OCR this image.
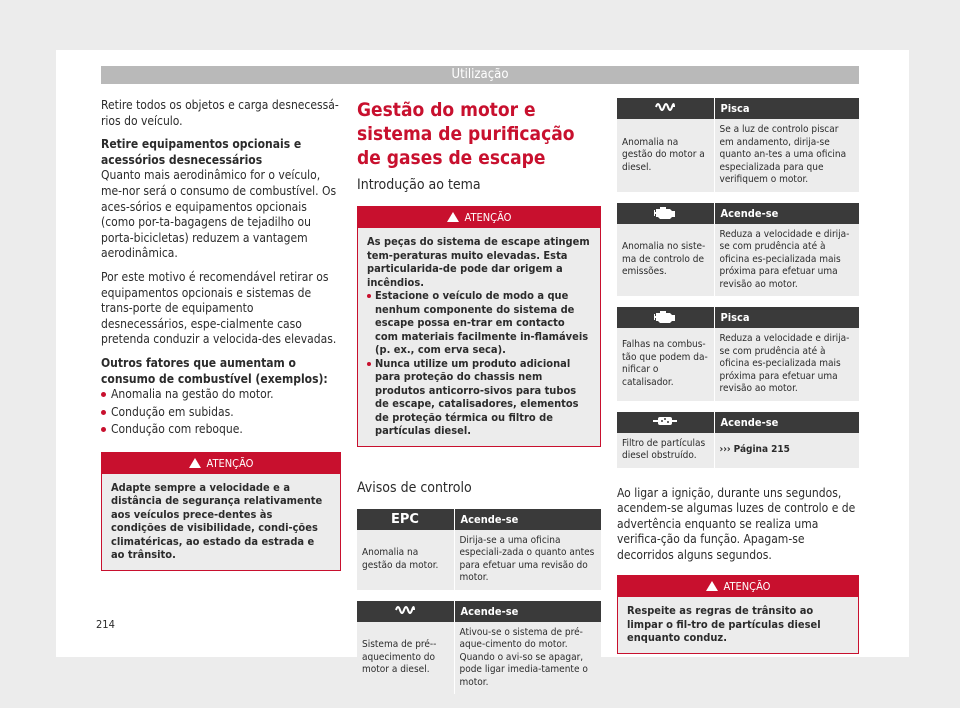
Utilização
Retire todos os objetos e carga desnecessá-rios do veículo.
Retire equipamentos opcionais e acessórios desnecessários
Quanto mais aerodinâmico for o veículo, me-nor será o consumo de combustível. Os aces-sórios e equipamentos opcionais (como por-ta-bagagens de tejadilho ou porta-bicicletas) reduzem a vantagem aerodinâmica.
Por este motivo é recomendável retirar os equipamentos opcionais e sistemas de trans-porte de equipamento desnecessários, espe-cialmente caso pretenda conduzir a velocida-des elevadas.
Outros fatores que aumentam o consumo de combustível (exemplos):
Anomalia na gestão do motor.
Condução em subidas.
Condução com reboque.
ATENÇÃO
Adapte sempre a velocidade e a distância de segurança relativamente aos veículos prece-dentes às condições de visibilidade, condi-ções climatéricas, ao estado da estrada e ao trânsito.
Gestão do motor e sistema de purificação de gases de escape
Introdução ao tema
ATENÇÃO
As peças do sistema de escape atingem tem-peraturas muito elevadas. Esta particularida-de pode dar origem a incêndios.
Estacione o veículo de modo a que nenhum componente do sistema de escape possa en-trar em contacto com materiais facilmente in-flamáveis (p. ex., com erva seca).
Nunca utilize um produto adicional para proteção do chassis nem produtos anticorro-sivos para tubos de escape, catalisadores, elementos de proteção térmica ou filtro de partículas diesel.
Avisos de controlo
EPC	Acende-se
Anomalia na gestão da motor.	Dirija-se a uma oficina especiali-zada o quanto antes para efetuar uma revisão do motor.
	Acende-se
Sistema de pré--aquecimento do motor a diesel.	Ativou-se o sistema de pré-aque-cimento do motor. Quando o avi-so se apagar, pode ligar imedia-tamente o motor.
	Pisca
Anomalia na gestão do motor a diesel.	Se a luz de controlo piscar em andamento, dirija-se quanto an-tes a uma oficina especializada para que verifiquem o motor.
	Acende-se
Anomalia no siste-ma de controlo de emissões.	Reduza a velocidade e dirija-se com prudência até à oficina es-pecializada mais próxima para efetuar uma revisão ao motor.
	Pisca
Falhas na combus-tão que podem da-nificar o catalisador.	Reduza a velocidade e dirija-se com prudência até à oficina es-pecializada mais próxima para efetuar uma revisão ao motor.
	Acende-se
Filtro de partículas diesel obstruído.	››› Página 215
Ao ligar a ignição, durante uns segundos, acendem-se algumas luzes de controlo e de advertência enquanto se realiza uma verifica-ção da função. Apagam-se decorridos alguns segundos.
ATENÇÃO
Respeite as regras de trânsito ao limpar o fil-tro de partículas diesel enquanto conduz.
214
